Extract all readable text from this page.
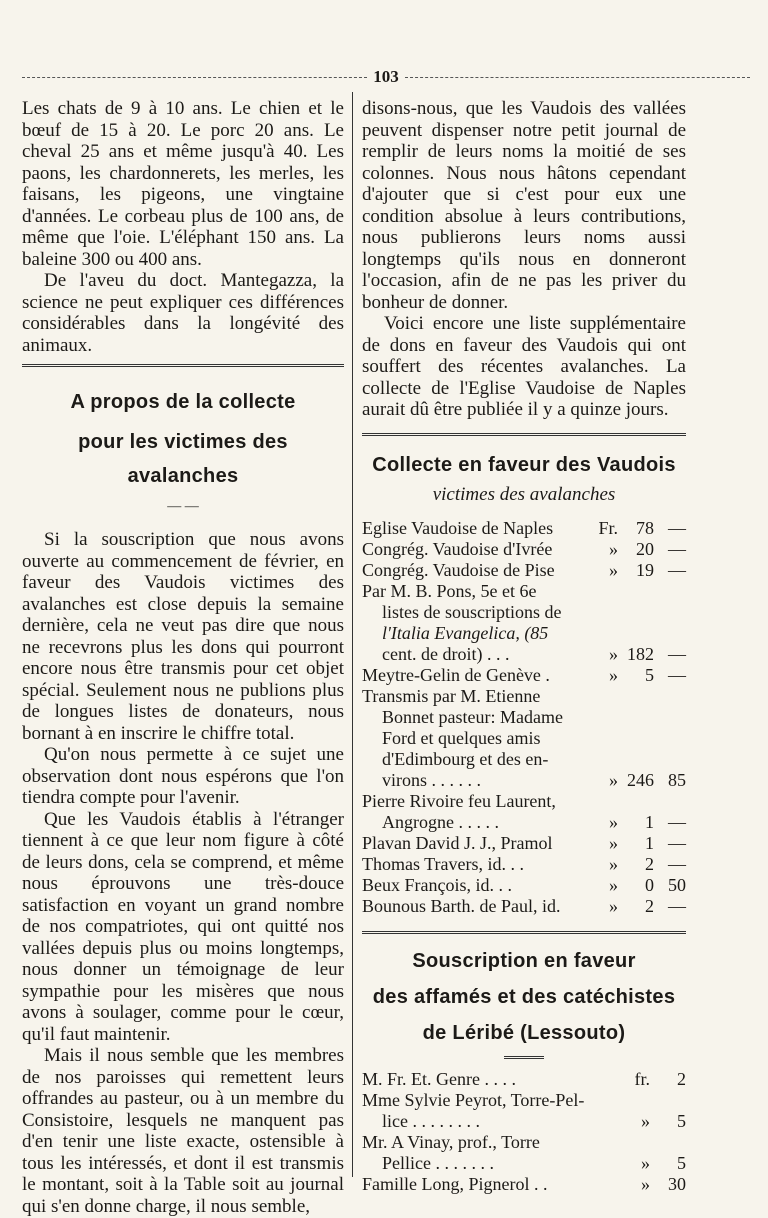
103

Les chats de 9 à 10 ans. Le chien et le bœuf de 15 à 20. Le porc 20 ans. Le cheval 25 ans et même jusqu'à 40. Les paons, les chardonnerets, les merles, les faisans, les pigeons, une vingtaine d'années. Le corbeau plus de 100 ans, de même que l'oie. L'éléphant 150 ans. La baleine 300 ou 400 ans.

De l'aveu du doct. Mantegazza, la science ne peut expliquer ces différences considérables dans la longévité des animaux.

A propos de la collecte
pour les victimes des avalanches
— —

Si la souscription que nous avons ouverte au commencement de février, en faveur des Vaudois victimes des avalanches est close depuis la semaine dernière, cela ne veut pas dire que nous ne recevrons plus les dons qui pourront encore nous être transmis pour cet objet spécial. Seulement nous ne publions plus de longues listes de donateurs, nous bornant à en inscrire le chiffre total.

Qu'on nous permette à ce sujet une observation dont nous espérons que l'on tiendra compte pour l'avenir.

Que les Vaudois établis à l'étranger tiennent à ce que leur nom figure à côté de leurs dons, cela se comprend, et même nous éprouvons une très-douce satisfaction en voyant un grand nombre de nos compatriotes, qui ont quitté nos vallées depuis plus ou moins longtemps, nous donner un témoignage de leur sympathie pour les misères que nous avons à soulager, comme pour le cœur, qu'il faut maintenir.

Mais il nous semble que les membres de nos paroisses qui remettent leurs offrandes au pasteur, ou à un membre du Consistoire, lesquels ne manquent pas d'en tenir une liste exacte, ostensible à tous les intéressés, et dont il est transmis le montant, soit à la Table soit au journal qui s'en donne charge, il nous semble,

disons-nous, que les Vaudois des vallées peuvent dispenser notre petit journal de remplir de leurs noms la moitié de ses colonnes. Nous nous hâtons cependant d'ajouter que si c'est pour eux une condition absolue à leurs contributions, nous publierons leurs noms aussi longtemps qu'ils nous en donneront l'occasion, afin de ne pas les priver du bonheur de donner.

Voici encore une liste supplémentaire de dons en faveur des Vaudois qui ont souffert des récentes avalanches. La collecte de l'Eglise Vaudoise de Naples aurait dû être publiée il y a quinze jours.

Collecte en faveur des Vaudois
victimes des avalanches
Eglise Vaudoise de Naples	Fr.	78 —
Congrég. Vaudoise d'Ivrée	»	20 —
Congrég. Vaudoise de Pise	»	19 —
Par M. B. Pons, 5e et 6e
listes de souscriptions de
l'Italia Evangelica, (85
cent. de droit) . . .	» 182 —
Meytre-Gelin de Genève .	»	5 —
Transmis par M. Etienne
Bonnet pasteur: Madame
Ford et quelques amis
d'Edimbourg et des en-
virons . . . . . .	» 246 85
Pierre Rivoire feu Laurent,
Angrogne . . . . .	»	1 —
Plavan David J. J., Pramol	»	1 —
Thomas Travers, id. . .	»	2 —
Beux François, id. . .	»	0 50
Bounous Barth. de Paul, id.	»	2 —
Souscription en faveur
des affamés et des catéchistes
de Léribé (Lessouto)
M. Fr. Et. Genre . . . .	fr.	2
Mme Sylvie Peyrot, Torre-Pel-
lice . . . . . . . .	»	5
Mr. A Vinay, prof., Torre
Pellice . . . . . . .	»	5
Famille Long, Pignerol . .	»	30
